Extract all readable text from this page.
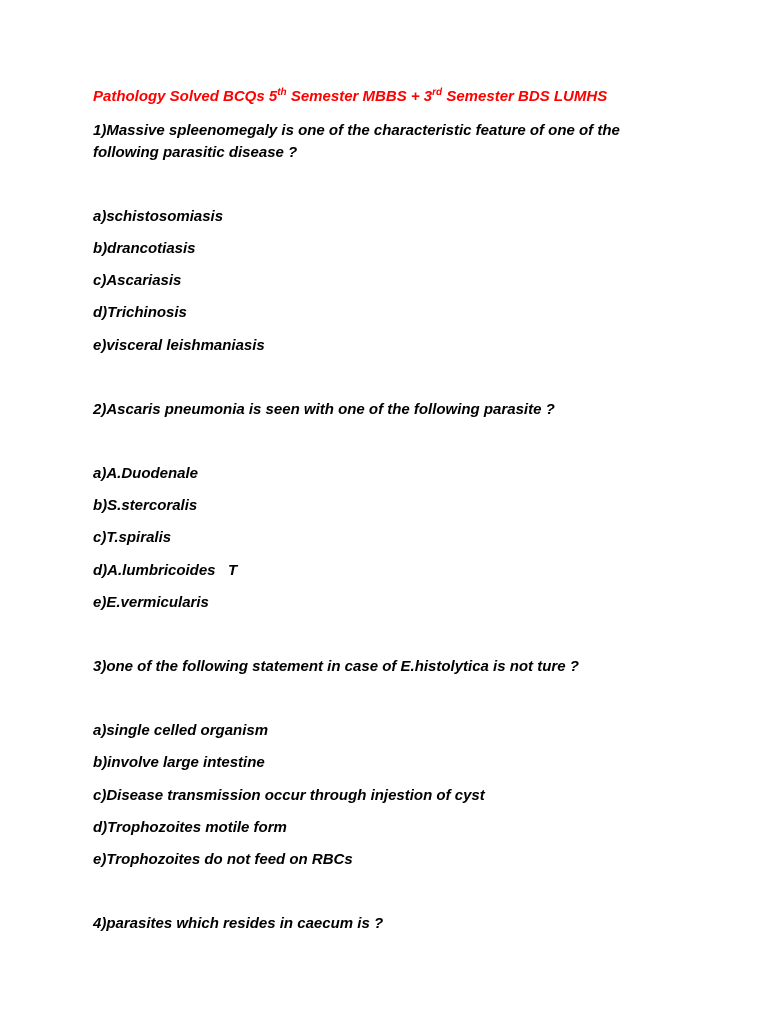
Pathology Solved BCQs 5th Semester MBBS + 3rd Semester BDS LUMHS
1)Massive spleenomegaly is one of the characteristic feature of one of the following parasitic disease ?
a)schistosomiasis
b)drancotiasis
c)Ascariasis
d)Trichinosis
e)visceral leishmaniasis
2)Ascaris pneumonia is seen with one of the following parasite ?
a)A.Duodenale
b)S.stercoralis
c)T.spiralis
d)A.lumbricoides   T
e)E.vermicularis
3)one of the following statement in case of E.histolytica is not ture ?
a)single celled organism
b)involve large intestine
c)Disease transmission occur through injestion of cyst
d)Trophozoites motile form
e)Trophozoites do not feed on RBCs
4)parasites which resides in caecum is ?
